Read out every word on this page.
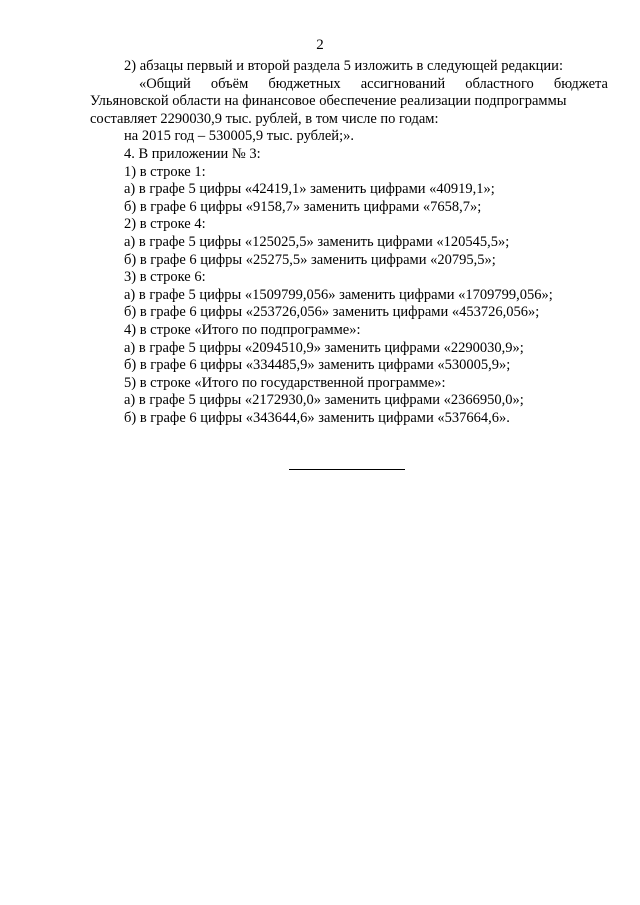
2
2) абзацы первый и второй раздела 5 изложить в следующей редакции:
«Общий объём бюджетных ассигнований областного бюджета
Ульяновской области на финансовое обеспечение реализации подпрограммы
составляет 2290030,9 тыс. рублей, в том числе по годам:
на 2015 год – 530005,9 тыс. рублей;».
4. В приложении № 3:
1) в строке 1:
а) в графе 5 цифры «42419,1» заменить цифрами «40919,1»;
б) в графе 6 цифры «9158,7» заменить цифрами «7658,7»;
2) в строке 4:
а) в графе 5 цифры «125025,5» заменить цифрами «120545,5»;
б) в графе 6 цифры «25275,5» заменить цифрами «20795,5»;
3) в строке 6:
а) в графе 5 цифры «1509799,056» заменить цифрами «1709799,056»;
б) в графе 6 цифры «253726,056» заменить цифрами «453726,056»;
4) в строке «Итого по подпрограмме»:
а) в графе 5 цифры «2094510,9» заменить цифрами «2290030,9»;
б) в графе 6 цифры «334485,9» заменить цифрами «530005,9»;
5) в строке «Итого по государственной программе»:
а) в графе 5 цифры «2172930,0» заменить цифрами «2366950,0»;
б) в графе 6 цифры «343644,6» заменить цифрами «537664,6».
